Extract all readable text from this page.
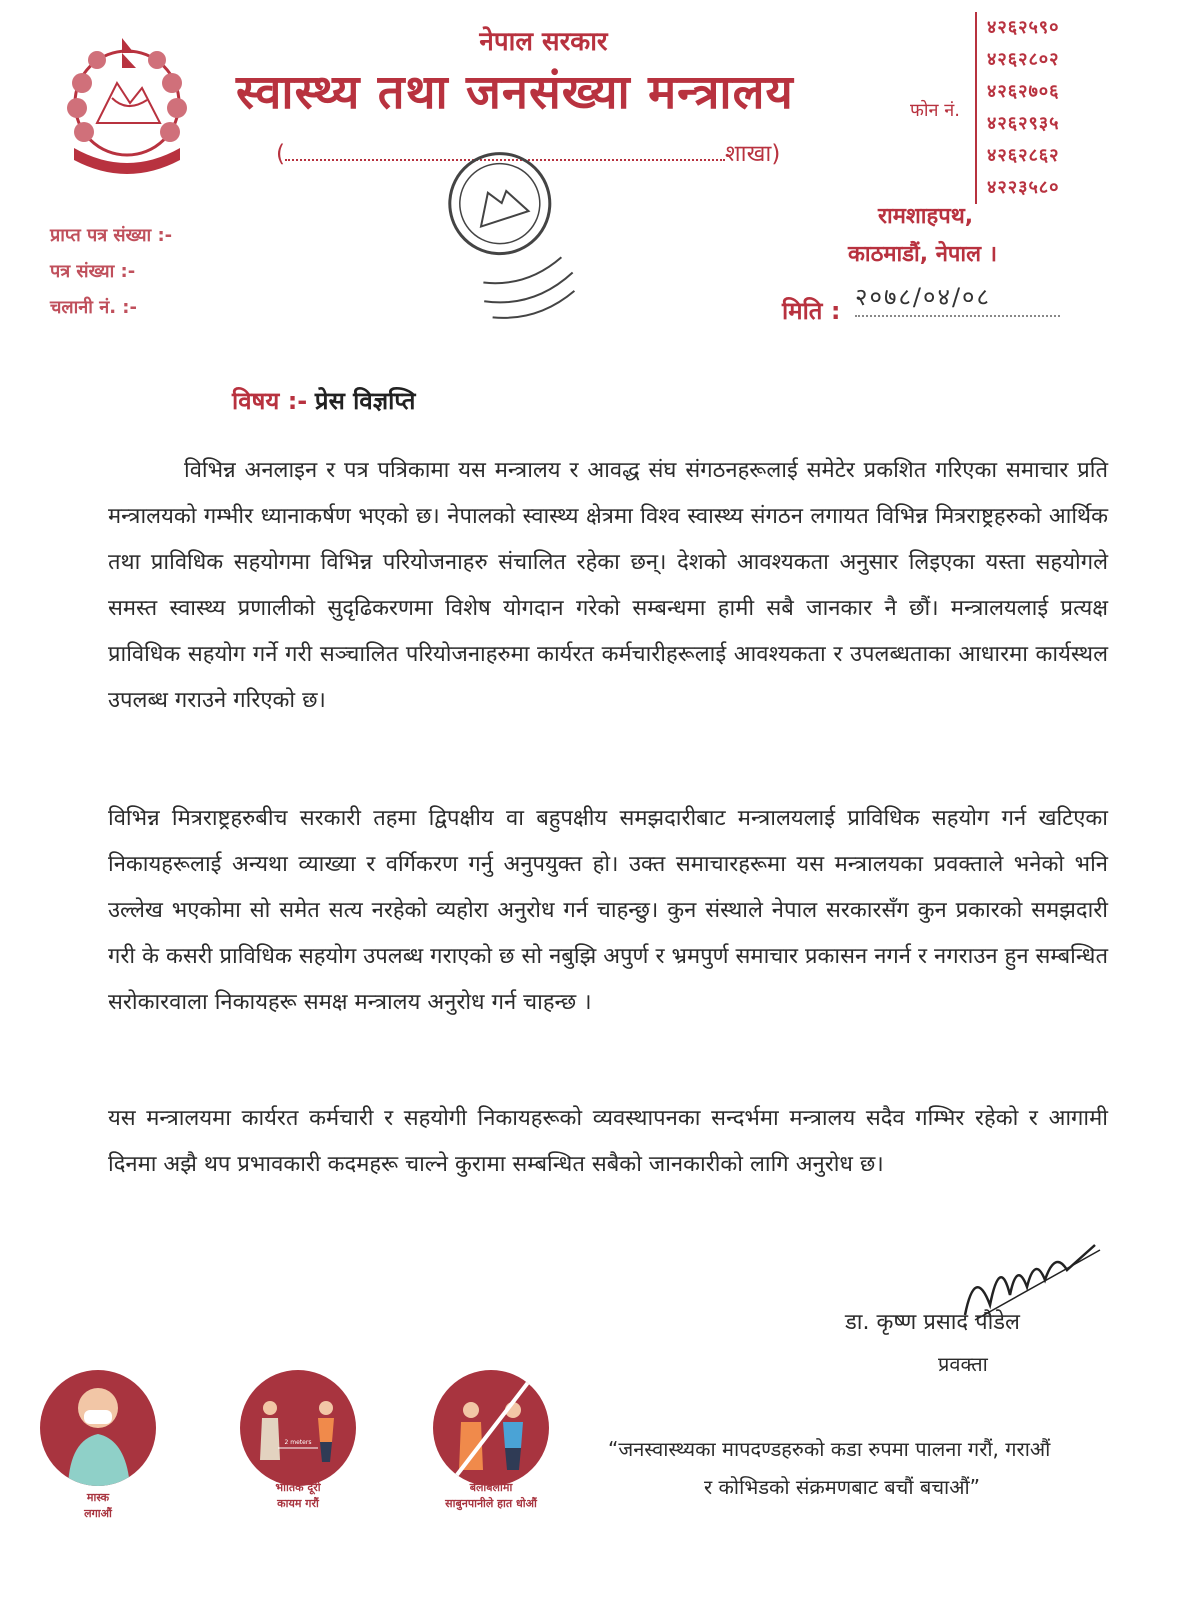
नेपाल सरकार
स्वास्थ्य तथा जनसंख्या मन्त्रालय
(	शाखा)
फोन नं.
४२६२५९०
४२६२८०२
४२६२७०६
४२६२९३५
४२६२८६२
४२२३५८०
रामशाहपथ,
काठमाडौं, नेपाल ।
प्राप्त पत्र संख्या :-
पत्र संख्या :-
चलानी नं. :-	मिति : २०७८/०४/०८
विषय :- प्रेस विज्ञप्ति

विभिन्न अनलाइन र पत्र पत्रिकामा यस मन्त्रालय र आवद्ध संघ संगठनहरूलाई समेटेर प्रकशित गरिएका समाचार प्रति मन्त्रालयको गम्भीर ध्यानाकर्षण भएको छ। नेपालको स्वास्थ्य क्षेत्रमा विश्व स्वास्थ्य संगठन लगायत विभिन्न मित्रराष्ट्रहरुको आर्थिक तथा प्राविधिक सहयोगमा विभिन्न परियोजनाहरु संचालित रहेका छन्। देशको आवश्यकता अनुसार लिइएका यस्ता सहयोगले समस्त स्वास्थ्य प्रणालीको सुदृढिकरणमा विशेष योगदान गरेको सम्बन्धमा हामी सबै जानकार नै छौं। मन्त्रालयलाई प्रत्यक्ष प्राविधिक सहयोग गर्ने गरी सञ्चालित परियोजनाहरुमा कार्यरत कर्मचारीहरूलाई आवश्यकता र उपलब्धताका आधारमा कार्यस्थल उपलब्ध गराउने गरिएको छ।

विभिन्न मित्रराष्ट्रहरुबीच सरकारी तहमा द्विपक्षीय वा बहुपक्षीय समझदारीबाट मन्त्रालयलाई प्राविधिक सहयोग गर्न खटिएका निकायहरूलाई अन्यथा व्याख्या र वर्गिकरण गर्नु अनुपयुक्त हो। उक्त समाचारहरूमा यस मन्त्रालयका प्रवक्ताले भनेको भनि उल्लेख भएकोमा सो समेत सत्य नरहेको व्यहोरा अनुरोध गर्न चाहन्छु। कुन संस्थाले नेपाल सरकारसँग कुन प्रकारको समझदारी गरी के कसरी प्राविधिक सहयोग उपलब्ध गराएको छ सो नबुझि अपुर्ण र भ्रमपुर्ण समाचार प्रकासन नगर्न र नगराउन हुन सम्बन्धित सरोकारवाला निकायहरू समक्ष मन्त्रालय अनुरोध गर्न चाहन्छ ।

यस मन्त्रालयमा कार्यरत कर्मचारी र सहयोगी निकायहरूको व्यवस्थापनका सन्दर्भमा मन्त्रालय सदैव गम्भिर रहेको र आगामी दिनमा अझै थप प्रभावकारी कदमहरू चाल्ने कुरामा सम्बन्धित सबैको जानकारीको लागि अनुरोध छ।

डा. कृष्ण प्रसाद पौडेल
प्रवक्ता
मास्क
लगाऔं
2 meters
भौतिक दूरी
कायम गरौं
बेलाबेलामा
साबुनपानीले हात धोऔं
“जनस्वास्थ्यका मापदण्डहरुको कडा रुपमा पालना गरौं, गराऔं
र कोभिडको संक्रमणबाट बचौं बचाऔं”
